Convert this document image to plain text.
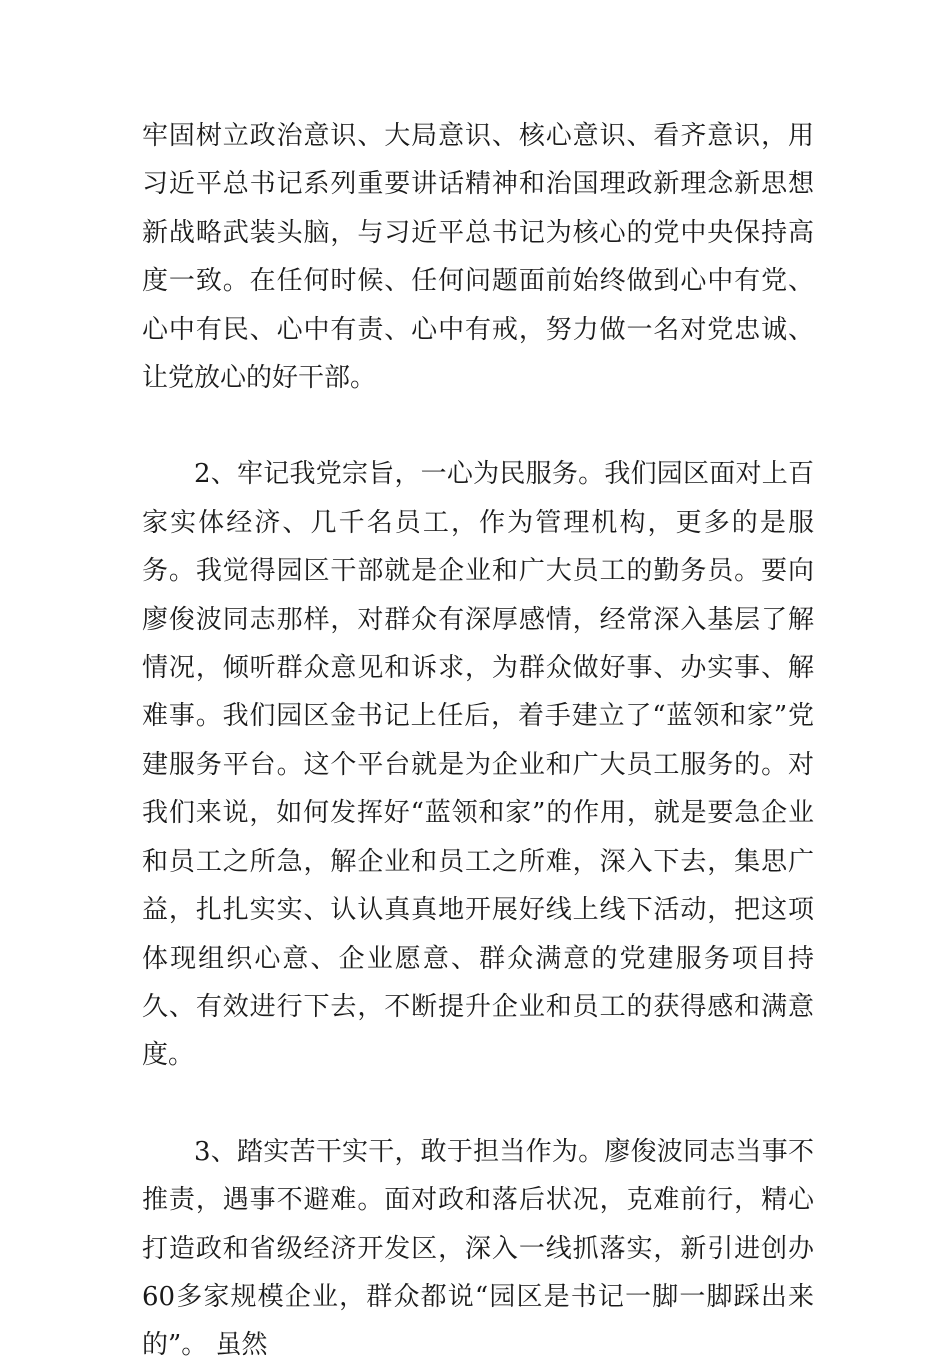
牢固树立政治意识、大局意识、核心意识、看齐意识，用习近平总书记系列重要讲话精神和治国理政新理念新思想新战略武装头脑，与习近平总书记为核心的党中央保持高度一致。在任何时候、任何问题面前始终做到心中有党、心中有民、心中有责、心中有戒，努力做一名对党忠诚、让党放心的好干部。

2、牢记我党宗旨，一心为民服务。我们园区面对上百家实体经济、几千名员工，作为管理机构，更多的是服务。我觉得园区干部就是企业和广大员工的勤务员。要向廖俊波同志那样，对群众有深厚感情，经常深入基层了解情况，倾听群众意见和诉求，为群众做好事、办实事、解难事。我们园区金书记上任后，着手建立了“蓝领和家”党建服务平台。这个平台就是为企业和广大员工服务的。对我们来说，如何发挥好“蓝领和家”的作用，就是要急企业和员工之所急，解企业和员工之所难，深入下去，集思广益，扎扎实实、认认真真地开展好线上线下活动，把这项体现组织心意、企业愿意、群众满意的党建服务项目持久、有效进行下去，不断提升企业和员工的获得感和满意度。

3、踏实苦干实干，敢于担当作为。廖俊波同志当事不推责，遇事不避难。面对政和落后状况，克难前行，精心打造政和省级经济开发区，深入一线抓落实，新引进创办60多家规模企业，群众都说“园区是书记一脚一脚踩出来的”。 虽然
